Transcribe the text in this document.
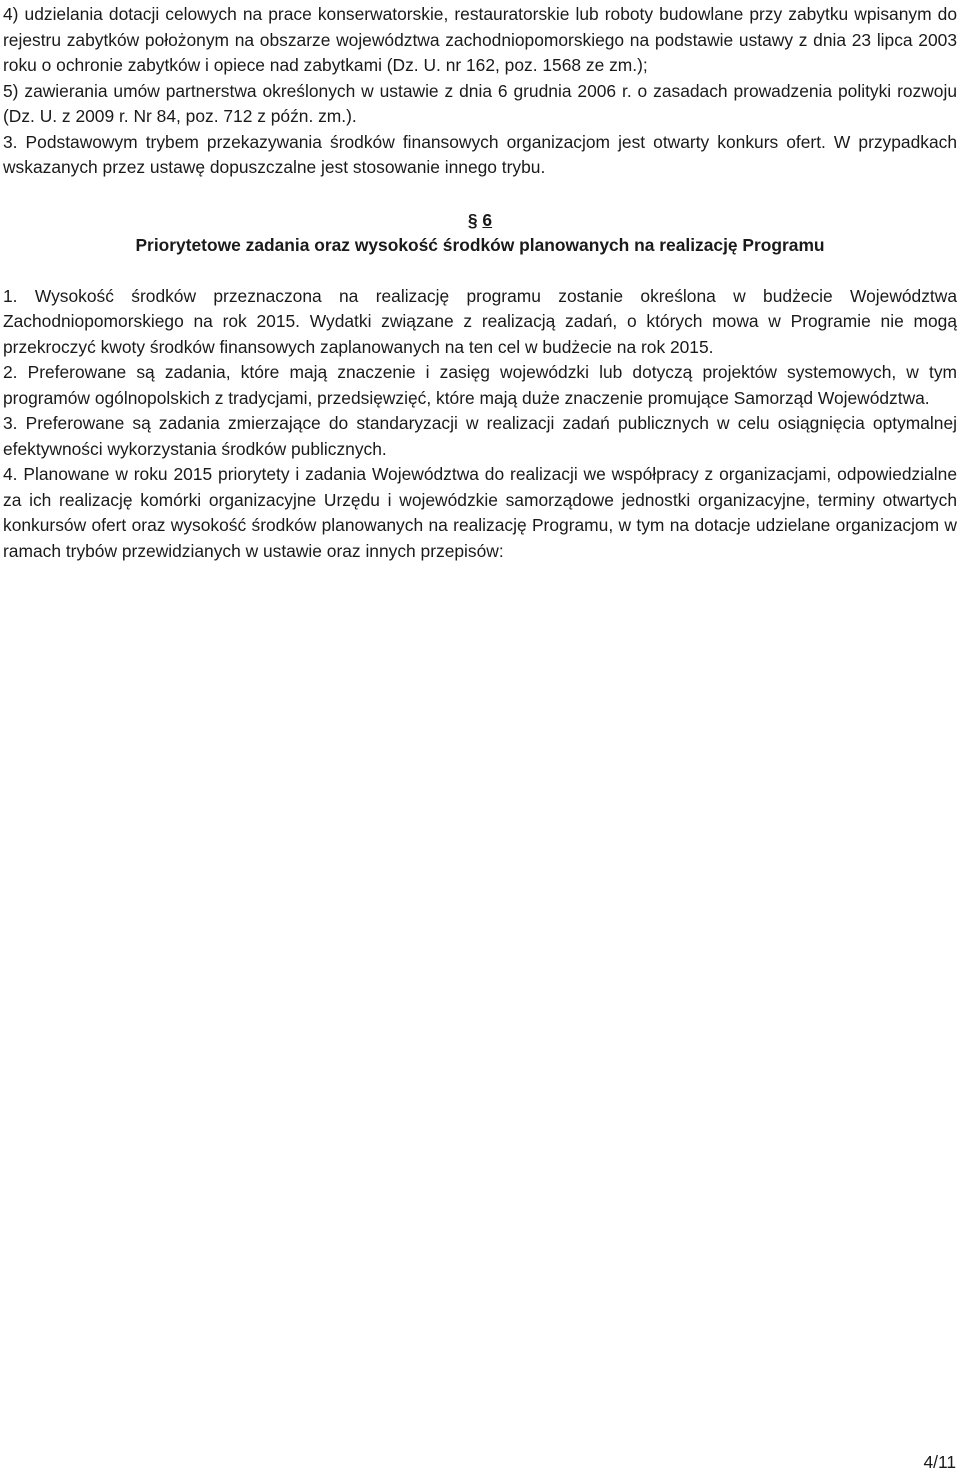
4) udzielania dotacji celowych na prace konserwatorskie, restauratorskie lub roboty budowlane przy zabytku wpisanym do rejestru zabytków położonym na obszarze województwa zachodniopomorskiego na podstawie ustawy z dnia 23 lipca 2003 roku o ochronie zabytków i opiece nad zabytkami (Dz. U. nr 162, poz. 1568 ze zm.);

5) zawierania umów partnerstwa określonych w ustawie z dnia 6 grudnia 2006 r. o zasadach prowadzenia polityki rozwoju (Dz. U. z 2009 r. Nr 84, poz. 712 z późn. zm.).

3. Podstawowym trybem przekazywania środków finansowych organizacjom jest otwarty konkurs ofert. W przypadkach wskazanych przez ustawę dopuszczalne jest stosowanie innego trybu.

§ 6
Priorytetowe zadania oraz wysokość środków planowanych na realizację Programu

1. Wysokość środków przeznaczona na realizację programu zostanie określona w budżecie Województwa Zachodniopomorskiego na rok 2015. Wydatki związane z realizacją zadań, o których mowa w Programie nie mogą przekroczyć kwoty środków finansowych zaplanowanych na ten cel w budżecie na rok 2015.

2. Preferowane są zadania, które mają znaczenie i zasięg wojewódzki lub dotyczą projektów systemowych, w tym programów ogólnopolskich z tradycjami, przedsięwzięć, które mają duże znaczenie promujące Samorząd Województwa.

3. Preferowane są zadania zmierzające do standaryzacji w realizacji zadań publicznych w celu osiągnięcia optymalnej efektywności wykorzystania środków publicznych.

4. Planowane w roku 2015 priorytety i zadania Województwa do realizacji we współpracy z organizacjami, odpowiedzialne za ich realizację komórki organizacyjne Urzędu i wojewódzkie samorządowe jednostki organizacyjne, terminy otwartych konkursów ofert oraz wysokość środków planowanych na realizację Programu, w tym na dotacje udzielane organizacjom w ramach trybów przewidzianych w ustawie oraz innych przepisów:

4/11
